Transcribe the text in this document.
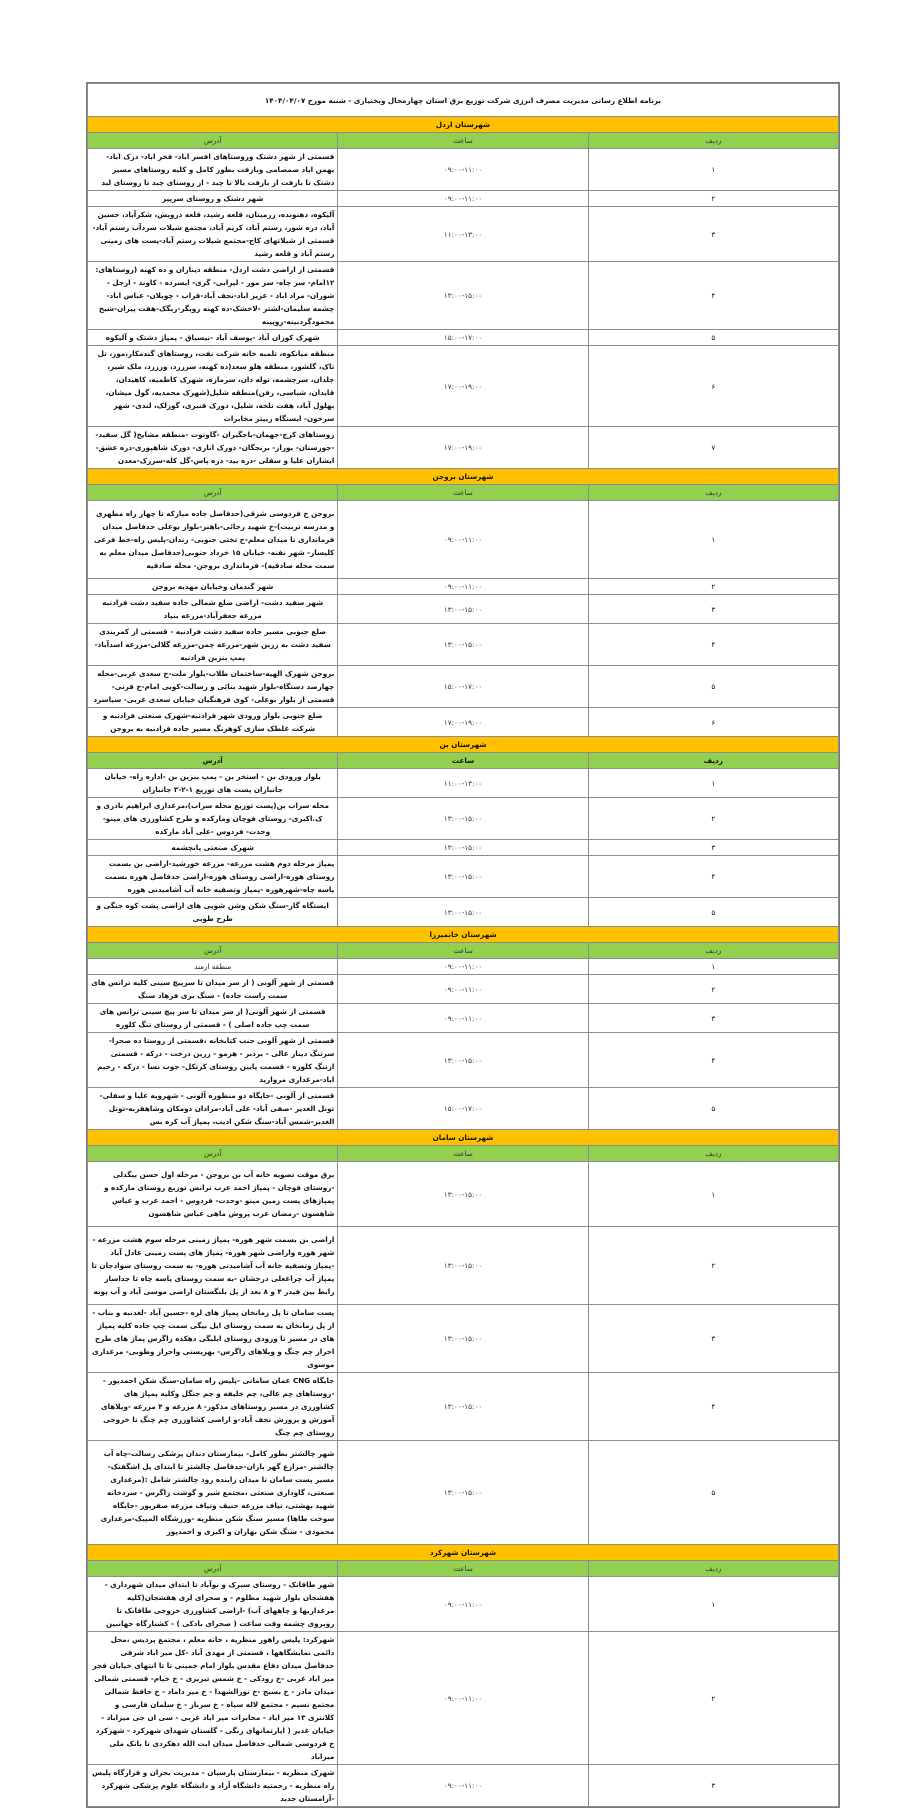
برنامه اطلاع رسانی مدیریت مصرف انرژی شرکت توزیع برق استان چهارمحال وبختیاری - شنبه مورخ ۱۴۰۴/۰۴/۰۷		
شهرستان اردل		
ردیف	ساعت	آدرس
۱	۰۹:۰۰-۱۱:۰۰	قسمتی از شهر دشتک وروستاهای افسر اباد- فخر اباد- دزک اباد- بهمن اباد صمصامی وبازفت بطور کامل و کلیه روستاهای مسیر دشتک تا بازفت از بازفت بالا تا چبد - از روستای چبد تا روستای لبد
۲	۰۹:۰۰-۱۱:۰۰	شهر دشتک و روستای سرپیر
۳	۱۱:۰۰-۱۳:۰۰	آلیکوه، دهنونده، زرمیتان، قلعه رشید، قلعه درویش، شکرآباد، حسین آباد، دره شور، رستم آباد، کریم آباد، مجتمع شیلات سردآب رستم آباد-قسمتی از شیلاتهای کاج-مجتمع شیلات رستم آباد-پست های زمینی رستم آباد و قلعه رشید
۴	۱۳:۰۰-۱۵:۰۰	قسمتی از اراضی دشت اردل- منطقه دیناران و ده کهنه (روستاهای: ۱۲امام- سر چاه- سر مور - لیرابی- گری- ایسرده - کاوند - ارجل - شوران- مراد اباد - عزیز اباد-نجف آباد-قراب - چوبلان- عباس اباد- چشمه سلیمان-لشتر -لاخشک-ده کهنه رویگر-ریگک-هفت پیران-شیخ محمودگردبینه-روپینه
۵	۱۵:۰۰-۱۷:۰۰	شهرک کوران آباد -یوسف آباد -نیسیاق - پمپاژ دشتک و آلیکوه
۶	۱۷:۰۰-۱۹:۰۰	منطقه میانکوه، تلمبه خانه شرکت نفت، روستاهای گندمکار،مور، تل تاک، گلشور، منطقه هلو سعد(ده کهنه، سرزرد، ورزرد، ملک شیر، چلدان، سرچشمه، توله دان، سرمازه، شهرک کاظمیه، کاهیدان، قایدان، شیاسی، رفن)منطقه شلیل(شهرک محمدیه، گول میشان، بهلول آباد، هفت تلخه، شلیل، دورک قنبری، گوزلک، لندی- شهر سرخون- ایستگاه رییتر مخابرات
۷	۱۷:۰۰-۱۹:۰۰	روستاهای کرچ-جهمان-باجگیران -گاوتوت -منطقه مشایخ( گل سفید- -جوزستان- پوراز- برنجگان- دورک اناری- دورک شاهپوری-دره عشق- ایشاران علیا و سفلی -دره بید- دره پاس-گل کله-سرزک-معدن
شهرستان بروجن		
ردیف	ساعت	آدرس
۱	۰۹:۰۰-۱۱:۰۰	بروجن خ فردوسی شرقی(حدفاصل جاده مبارکه تا چهار راه مطهری و مدرسه تربیت)-خ شهید رجائی-باهنر-بلوار بوعلی حدفاصل میدان فرمانداری تا میدان معلم-خ تختی جنوبی- زندان-پلیس راه-خط فرعی کلیسار- شهر نقنه- خیابان ۱۵ خرداد جنوبی(حدفاصل میدان معلم به سمت محله صادقیه)- فرمانداری بروجن- محله صادقیه
۲	۰۹:۰۰-۱۱:۰۰	شهر گندمان وخیابان مهدیه بروجن
۳	۱۳:۰۰-۱۵:۰۰	شهر سفید دشت- اراضی ضلع شمالی جاده سفید دشت فرادنبه مزرعه جعفرآباد-مزرعه بنیاد
۴	۱۳:۰۰-۱۵:۰۰	ضلع جنوبی مسیر جاده سفید دشت فرادنبه - قسمتی از کمربندی سفید دشت به زرین شهر-مزرعه چمن-مزرعه گلالی-مزرعه اسدآباد-پمپ بنزین فرادنبه
۵	۱۵:۰۰-۱۷:۰۰	بروجن شهرک الهیه-ساختمان طلاب-بلوار ملت-خ سعدی غربی-محله چهارصد دستگاه-بلوار شهید بنائی و رسالت-کوبی امام-خ قرنی-قسمتی از بلوار بوعلی- کوی فرهنگیان خیابان سعدی غربی- سیاسرد
۶	۱۷:۰۰-۱۹:۰۰	ضلع جنوبی بلوار ورودی شهر فرادنبه-شهرک صنعتی فرادنبه و شرکت غلطک سازی کوهرنگ مسیر جاده فرادنبه به بروجن
شهرستان بن		
ردیف	ساعت	آدرس
۱	۱۱:۰۰-۱۳:۰۰	بلوار ورودی بن - استخر بن - پمپ بنزین بن -اداره راه- خیابان جانبازان پست های توزیع ۱-۲-۳ جانبازان
۲	۱۳:۰۰-۱۵:۰۰	محله سراب بن(پست توزیع محله سراب)،مرغداری ابراهیم نادری و ک.اکبری- روستای فوچان ومارکده و طرح کشاورزی های مینو- وحدت- فردوس -علی آباد مارکده
۳	۱۳:۰۰-۱۵:۰۰	شهرک صنعتی پانچشمه
۴	۱۳:۰۰-۱۵:۰۰	پمپاژ مرحله دوم هشت مزرعه- مزرعه خورشید-اراضی بن بسمت روستای هوره-اراضی روستای هوره-اراضی حدفاصل هوره بسمت یاسه چاه-شهرهوره -پمپاژ وتصفیه خانه آب آشامیدنی هوره
۵	۱۳:۰۰-۱۵:۰۰	ایستگاه گاز-سنگ شکن وشن شویی های اراضی پشت کوه جنگی و طرح طوبی
شهرستان خانمیرزا		
ردیف	ساعت	آدرس
۱	۰۹:۰۰-۱۱:۰۰	منطقه ارمند
۲	۰۹:۰۰-۱۱:۰۰	قسمتی از شهر آلونی ( از سر میدان تا سرپیچ سینی کلیه ترانس های سمت راست جاده) - سنگ بری فرهاد سنگ
۳	۰۹:۰۰-۱۱:۰۰	قسمتی از شهر آلونی( از سر میدان تا سر پیچ سینی ترانس های سمت چپ جاده اصلی ) - قسمتی از روستای تنگ کلوره
۴	۱۳:۰۰-۱۵:۰۰	قسمتی از شهر آلونی جنب کتابخانه ،قسمتی از روستا ده صحرا- سرتنگ دینار عالی - بردبر - هرمو - زرین درخت - درکه - قسمتی ازتنگ کلوره - قسمت پایین روستای کرتکل- جوب نسا - درکه - رحیم اباد-مرغداری مروارید
۵	۱۵:۰۰-۱۷:۰۰	قسمتی از آلونی -جایگاه دو منظوره آلونی - شهرویه علیا و سفلی-تونل الغدیر -صفی آباد- علی آباد-مرادان دومکان وشاهقربه-تونل الغدیر-شمس آباد-سنگ شکن ادیب، پمپاژ آب کره بس
شهرستان سامان		
ردیف	ساعت	آدرس
۱	۱۳:۰۰-۱۵:۰۰	برق موقت تصویه خانه آب بن بروجن - مرحله اول حسن بیگدلی -روستای فوچان - پمپاژ احمد عرب ترانس توزیع روستای مارکده و پمپاژهای پست زمین مینو -وحدت- فردوس - احمد عرب و عباس شاهسون -رمضان عرب پروش ماهی عباس شاهسون
۲	۱۳:۰۰-۱۵:۰۰	اراضی بن بسمت شهر هوره- پمپاژ زمینی مرحله سوم هشت مزرعه - شهر هوره واراضی شهر هوره- پمپاژ های پست زمینی عادل آباد -پمپاژ وتصفیه خانه آب آشامیدنی هوره- به سمت روستای سوادجان تا پمپاژ آب چراغعلی درخشان -به سمت روستای یاسه چاه تا جداساز رابط بین فیدر ۴ و ۸ بعد از پل بلنگستان اراضی موسی آباد و آب پونه
۳	۱۳:۰۰-۱۵:۰۰	پست سامان تا پل زمانخان پمپاژ های لره -حسین آباد -لغدنبه و بناب - از پل زمانخان به سمت روستای ایل بیگی سمت چپ جاده کلیه پمپاژ های در مسیر تا ورودی روستای ایلبگی دهکده زاگرس پماژ های طرح احراز چم چنگ و ویلاهای زاگرس- بهزیستی واحراز وطوبی- مرغداری موسوی
۴	۱۳:۰۰-۱۵:۰۰	جایگاه CNG عمان سامانی -پلیس راه سامان-سنگ شکن احمدپور - -روستاهای چم عالی، چم خلیفه و چم جنگل وکلیه پمپاژ های کشاورزی در مسیر روستاهای مذکور- ۸ مزرعه و ۴ مزرعه -ویلاهای آموزش و پرورش نجف آباد-و اراضی کشاورزی چم چنگ تا خروجی روستای چم چنگ
۵	۱۳:۰۰-۱۵:۰۰	شهر چالشتر بطور کامل- بیمارستان دندان پزشکی رسالت-چاه آب چالشتر -مزارع گهر باران-حدفاصل چالشتر تا ابتدای پل اشگفتک- مسیر پست سامان تا میدان زاینده رود چالشتر شامل :(مرغداری صنعتی، گاوداری صنعتی ،مجتمع شیر و گوشت زاگرس - سردخانه شهید بهشتی، تیاف مزرعه حنیف وتیاف مزرعه صفرپور -جایگاه سوخت طاها) مسیر سنگ شکن منظریه -ورزشگاه المپیک-مرغداری محمودی - سنگ شکن بهاران و اکبری و احمدپور
شهرستان شهرکرد		
ردیف	ساعت	آدرس
۱	۰۹:۰۰-۱۱:۰۰	شهر طاقانک - روستای سیرک و نوآباد تا ابتدای میدان شهرداری - هفشجان بلوار شهید مظلوم - و صحرای لری هفشجان(کلیه مرغداریها و چاههای آب) -اراضی کشاورزی خروجی طاقانک تا روبروی چشمه وقت ساعت ( صحرای بادکی ) - کشتارگاه جهانبین
۲	۰۹:۰۰-۱۱:۰۰	شهرکرد: پلیس راهور منظریه ، خانه معلم ، مجتمع پردیس ،محل دائمی نمایشگاهها ، قسمتی از مهدی آباد -کل میر اباد شرقی حدفاصل میدان دفاع مقدس بلوار امام خمینی تا تا انتهای خیابان فجر میر اباد غربی -خ رودکی - خ شمس تبریزی - خ خیام- قسمتی شمالی میدان مادر - خ بسیج -خ نورالشهدا - خ میر داماد - خ حافظ شمالی مجتمع نسیم - مجتمع لاله سیاه - خ سرباز - خ سلمان فارسی و کلانتری ۱۳ میر اباد - مخابرات میر اباد غربی - سی ان جی میراباد - خیابان غدیر ( اپارتمانهای رنگی - گلستان شهدای شهرکرد - شهرکرد خ فردوسی شمالی حدفاصل میدان ایت الله دهکردی تا بانک ملی میراباد
۳	۰۹:۰۰-۱۱:۰۰	شهرک منظریه - بیمارستان پارسیان - مدیریت بحران و قرارگاه پلیس راه منظریه - رحمتیه دانشگاه آزاد و دانشگاه علوم پزشکی شهرکرد -آرامستان جدید
